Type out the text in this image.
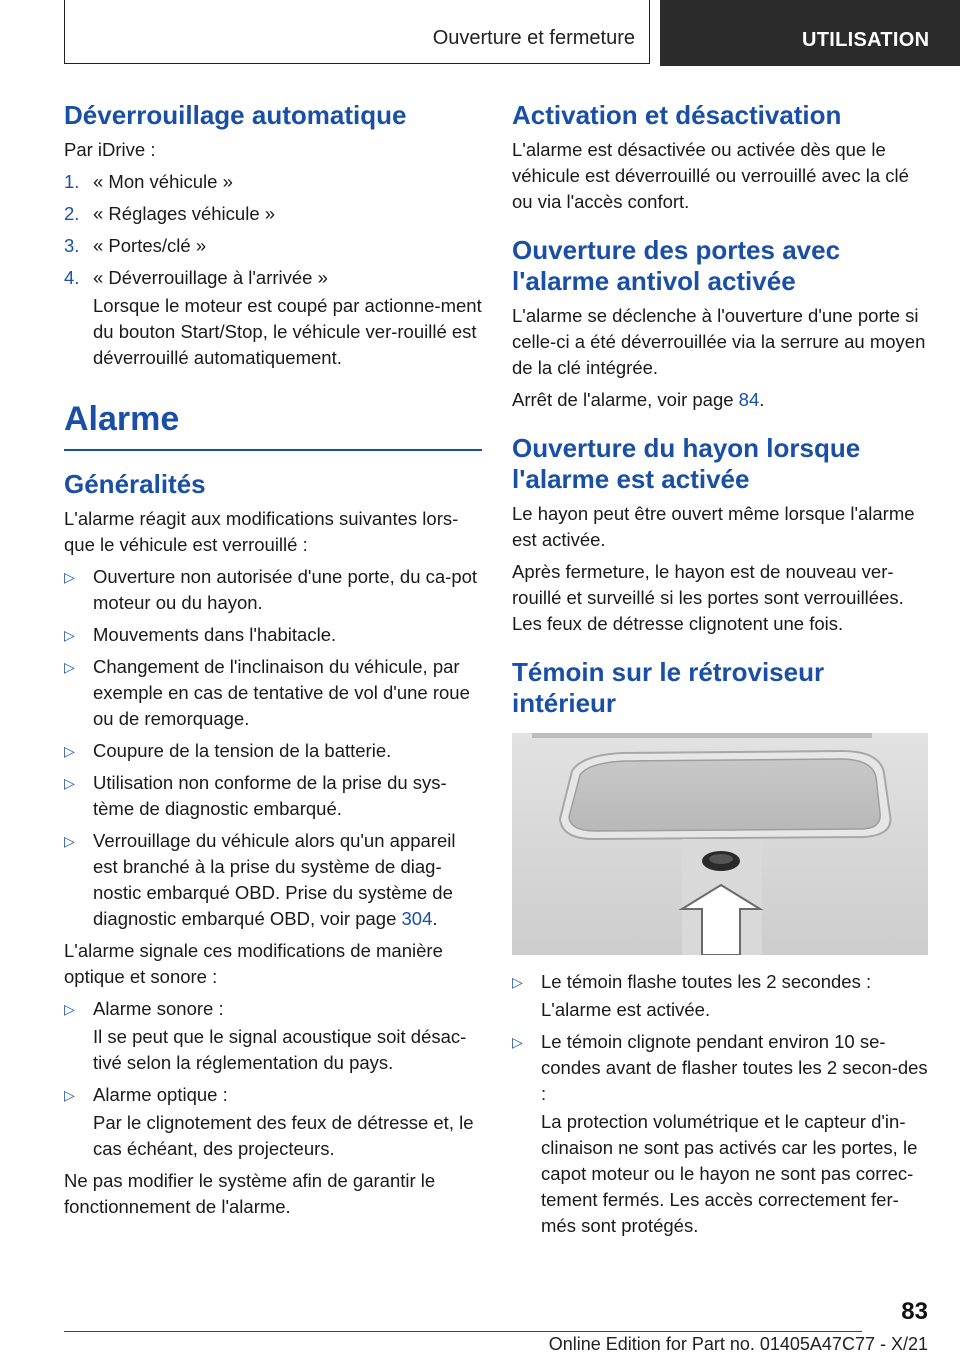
Ouverture et fermeture	UTILISATION
Déverrouillage automatique

Par iDrive :

1. « Mon véhicule »
2. « Réglages véhicule »
3. « Portes/clé »
4. « Déverrouillage à l'arrivée »

Lorsque le moteur est coupé par actionne-ment du bouton Start/Stop, le véhicule ver-rouillé est déverrouillé automatiquement.

Alarme
Généralités

L'alarme réagit aux modifications suivantes lors-que le véhicule est verrouillé :

▷ Ouverture non autorisée d'une porte, du ca-pot moteur ou du hayon.
▷ Mouvements dans l'habitacle.
▷ Changement de l'inclinaison du véhicule, par exemple en cas de tentative de vol d'une roue ou de remorquage.
▷ Coupure de la tension de la batterie.
▷ Utilisation non conforme de la prise du sys-tème de diagnostic embarqué.
▷ Verrouillage du véhicule alors qu'un appareil est branché à la prise du système de diag-nostic embarqué OBD. Prise du système de diagnostic embarqué OBD, voir page 304.

L'alarme signale ces modifications de manière optique et sonore :

▷ Alarme sonore :

Il se peut que le signal acoustique soit désac-tivé selon la réglementation du pays.

▷ Alarme optique :

Par le clignotement des feux de détresse et, le cas échéant, des projecteurs.

Ne pas modifier le système afin de garantir le fonctionnement de l'alarme.

Activation et désactivation

L'alarme est désactivée ou activée dès que le véhicule est déverrouillé ou verrouillé avec la clé ou via l'accès confort.

Ouverture des portes avec l'alarme antivol activée

L'alarme se déclenche à l'ouverture d'une porte si celle-ci a été déverrouillée via la serrure au moyen de la clé intégrée.

Arrêt de l'alarme, voir page 84.

Ouverture du hayon lorsque l'alarme est activée

Le hayon peut être ouvert même lorsque l'alarme est activée.

Après fermeture, le hayon est de nouveau ver-rouillé et surveillé si les portes sont verrouillées. Les feux de détresse clignotent une fois.

Témoin sur le rétroviseur intérieur
▷ Le témoin flashe toutes les 2 secondes :

L'alarme est activée.

▷ Le témoin clignote pendant environ 10 se-condes avant de flasher toutes les 2 secon-des :

La protection volumétrique et le capteur d'in-clinaison ne sont pas activés car les portes, le capot moteur ou le hayon ne sont pas correc-tement fermés. Les accès correctement fer-més sont protégés.

83
Online Edition for Part no. 01405A47C77 - X/21
